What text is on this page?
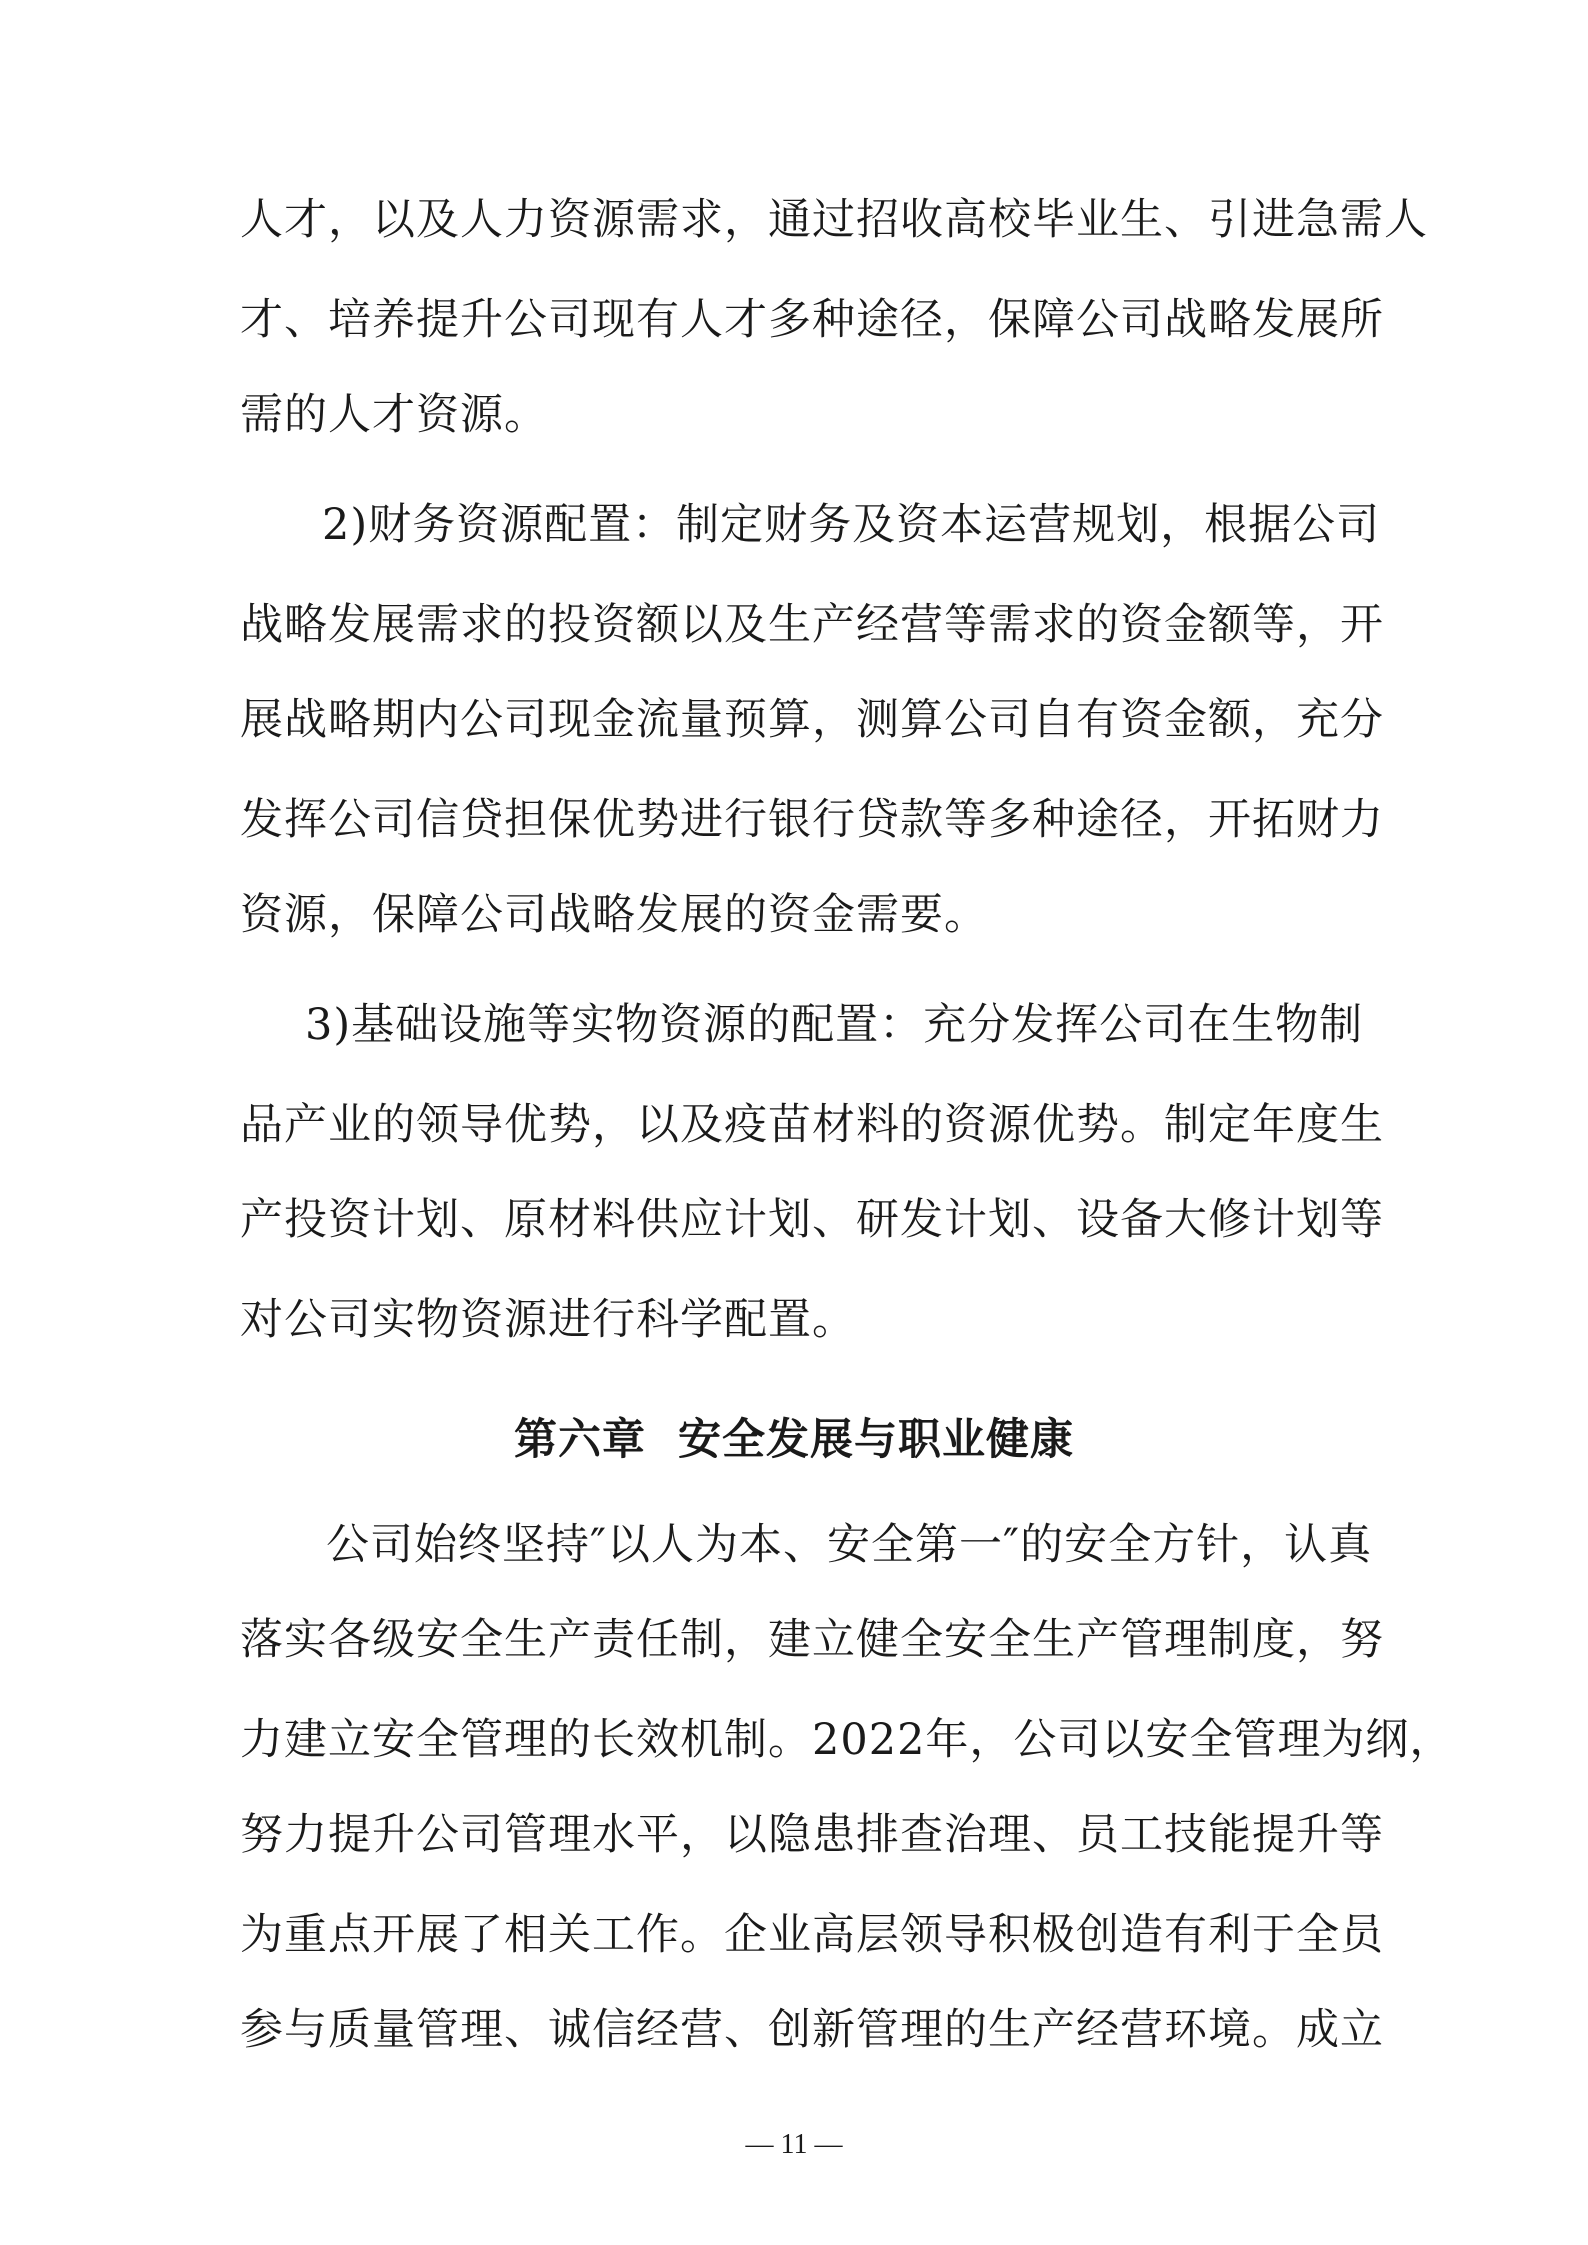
人才，以及人力资源需求，通过招收高校毕业生、引进急需人
才、培养提升公司现有人才多种途径，保障公司战略发展所
需的人才资源。
2)财务资源配置：制定财务及资本运营规划，根据公司
战略发展需求的投资额以及生产经营等需求的资金额等，开
展战略期内公司现金流量预算，测算公司自有资金额，充分
发挥公司信贷担保优势进行银行贷款等多种途径，开拓财力
资源，保障公司战略发展的资金需要。
3)基础设施等实物资源的配置：充分发挥公司在生物制
品产业的领导优势，以及疫苗材料的资源优势。制定年度生
产投资计划、原材料供应计划、研发计划、设备大修计划等
对公司实物资源进行科学配置。
第六章  安全发展与职业健康
公司始终坚持″以人为本、安全第一″的安全方针，认真
落实各级安全生产责任制，建立健全安全生产管理制度，努
力建立安全管理的长效机制。2022年，公司以安全管理为纲，
努力提升公司管理水平，以隐患排查治理、员工技能提升等
为重点开展了相关工作。企业高层领导积极创造有利于全员
参与质量管理、诚信经营、创新管理的生产经营环境。成立
— 11 —
